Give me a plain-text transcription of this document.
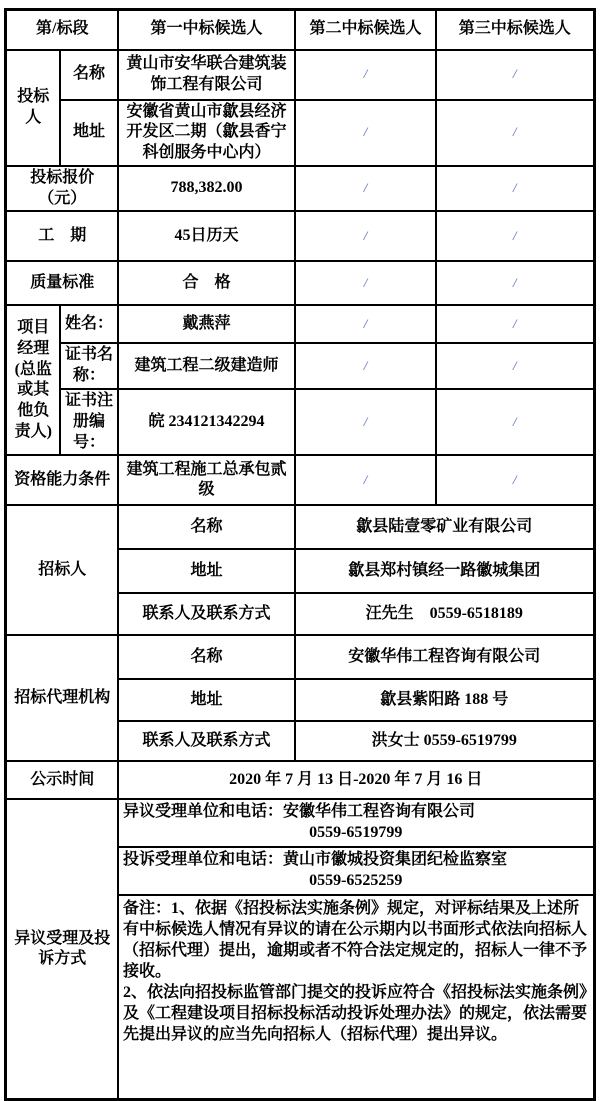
第/标段		第一中标候选人	第二中标候选人	第三中标候选人
投标人	名称	黄山市安华联合建筑装饰工程有限公司	/	/
	地址	安徽省黄山市歙县经济开发区二期（歙县香宁科创服务中心内）	/	/
投标报价（元）		788,382.00	/	/
工　期		45日历天	/	/
质量标准		合　格	/	/
项目经理(总监或其他负责人)	姓名：	戴燕萍	/	/
	证书名称：	建筑工程二级建造师	/	/
	证书注册编号：	皖 234121342294	/	/
资格能力条件		建筑工程施工总承包贰级	/	/
招标人		名称	歙县陆壹零矿业有限公司	
		地址	歙县郑村镇经一路徽城集团	
		联系人及联系方式	汪先生　0559-6518189	
招标代理机构		名称	安徽华伟工程咨询有限公司	
		地址	歙县紫阳路 188 号	
		联系人及联系方式	洪女士 0559-6519799	
公示时间		2020 年 7 月 13 日-2020 年 7 月 16 日		
异议受理及投诉方式		异议受理单位和电话：安徽华伟工程咨询有限公司
0559-6519799		

		投诉受理单位和电话：黄山市徽城投资集团纪检监察室
0559-6525259		

		备注：1、依据《招投标法实施条例》规定，对评标结果及上述所有中标候选人情况有异议的请在公示期内以书面形式依法向招标人（招标代理）提出，逾期或者不符合法定规定的，招标人一律不予接收。
2、依法向招投标监管部门提交的投诉应符合《招投标法实施条例》及《工程建设项目招标投标活动投诉处理办法》的规定，依法需要先提出异议的应当先向招标人（招标代理）提出异议。		
